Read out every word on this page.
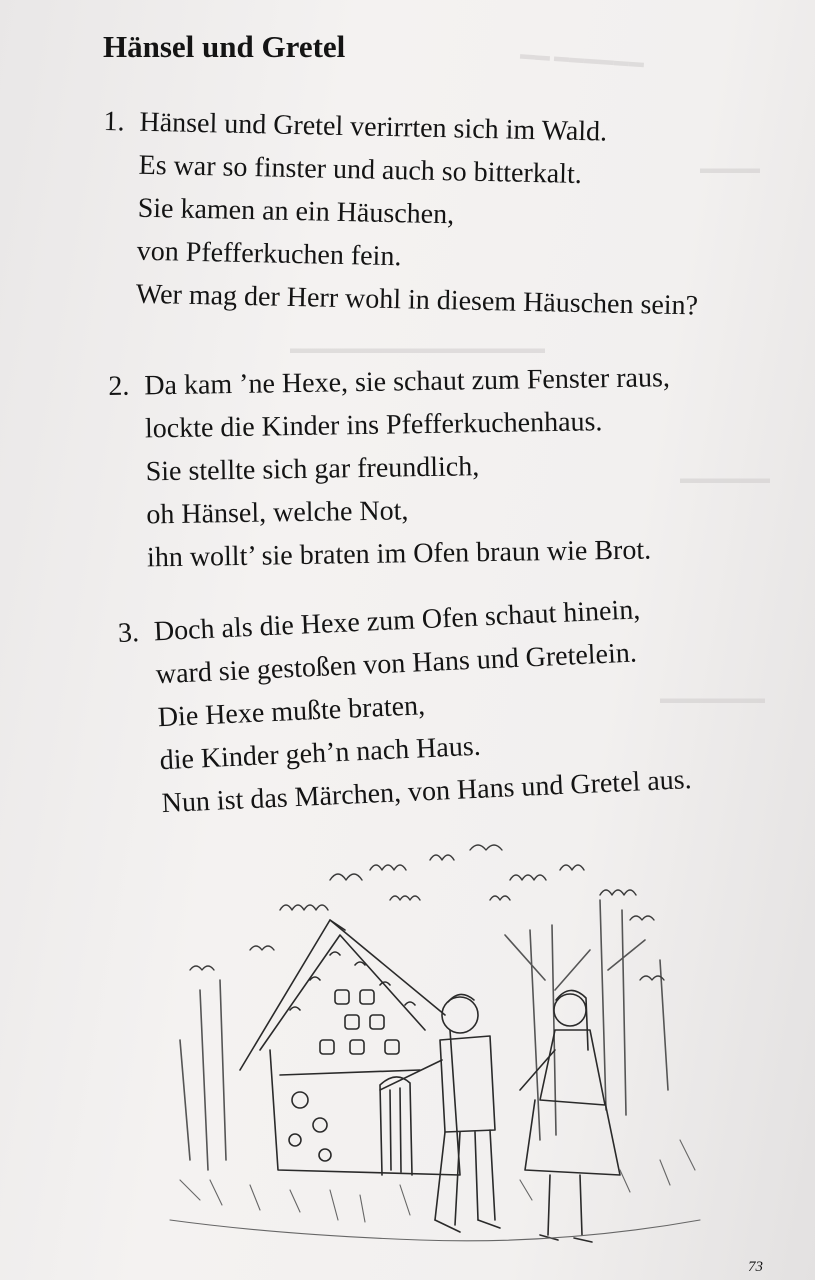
▬▬ ▬▬▬▬▬▬
▬▬▬▬
▬▬▬▬▬▬▬▬▬▬▬▬▬▬▬▬▬
▬▬▬▬▬▬
▬▬▬▬▬▬▬
Hänsel und Gretel
1. Hänsel und Gretel verirrten sich im Wald.
Es war so finster und auch so bitterkalt.
Sie kamen an ein Häuschen,
von Pfefferkuchen fein.
Wer mag der Herr wohl in diesem Häuschen sein?
2. Da kam ’ne Hexe, sie schaut zum Fenster raus,
lockte die Kinder ins Pfefferkuchenhaus.
Sie stellte sich gar freundlich,
oh Hänsel, welche Not,
ihn wollt’ sie braten im Ofen braun wie Brot.
3. Doch als die Hexe zum Ofen schaut hinein,
ward sie gestoßen von Hans und Gretelein.
Die Hexe mußte braten,
die Kinder geh’n nach Haus.
Nun ist das Märchen, von Hans und Gretel aus.
73
